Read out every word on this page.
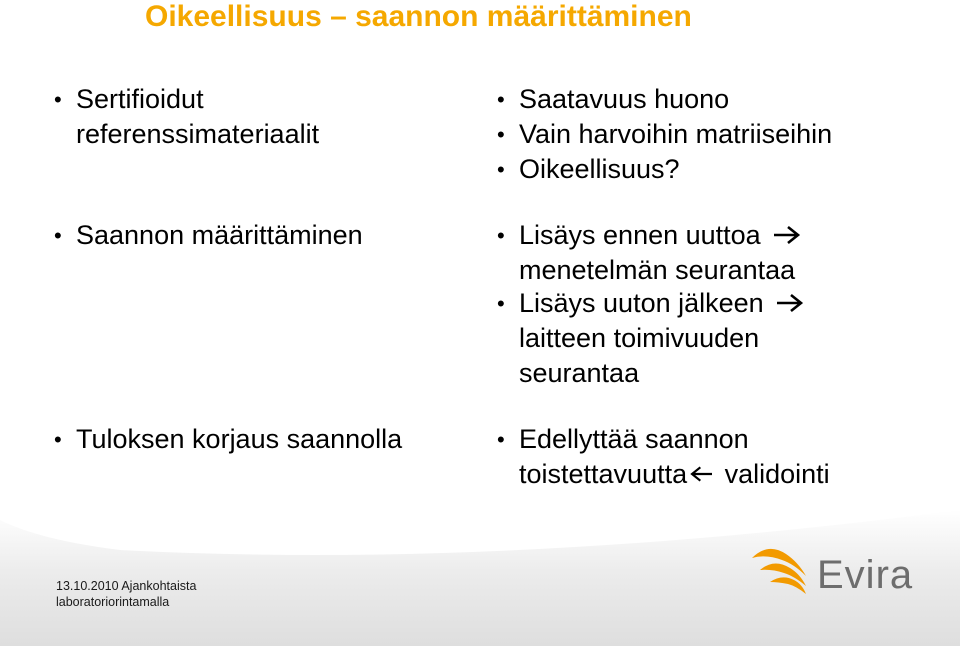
Oikeellisuus – saannon määrittäminen
• Sertifioidut
referenssimateriaalit
• Saannon määrittäminen
• Tuloksen korjaus saannolla
• Saatavuus huono
• Vain harvoihin matriiseihin
• Oikeellisuus?
• Lisäys ennen uuttoa
menetelmän seurantaa
• Lisäys uuton jälkeen
laitteen toimivuuden
seurantaa
• Edellyttää saannon
toistettavuutta validointi
13.10.2010 Ajankohtaista
laboratoriorintamalla
Evira
